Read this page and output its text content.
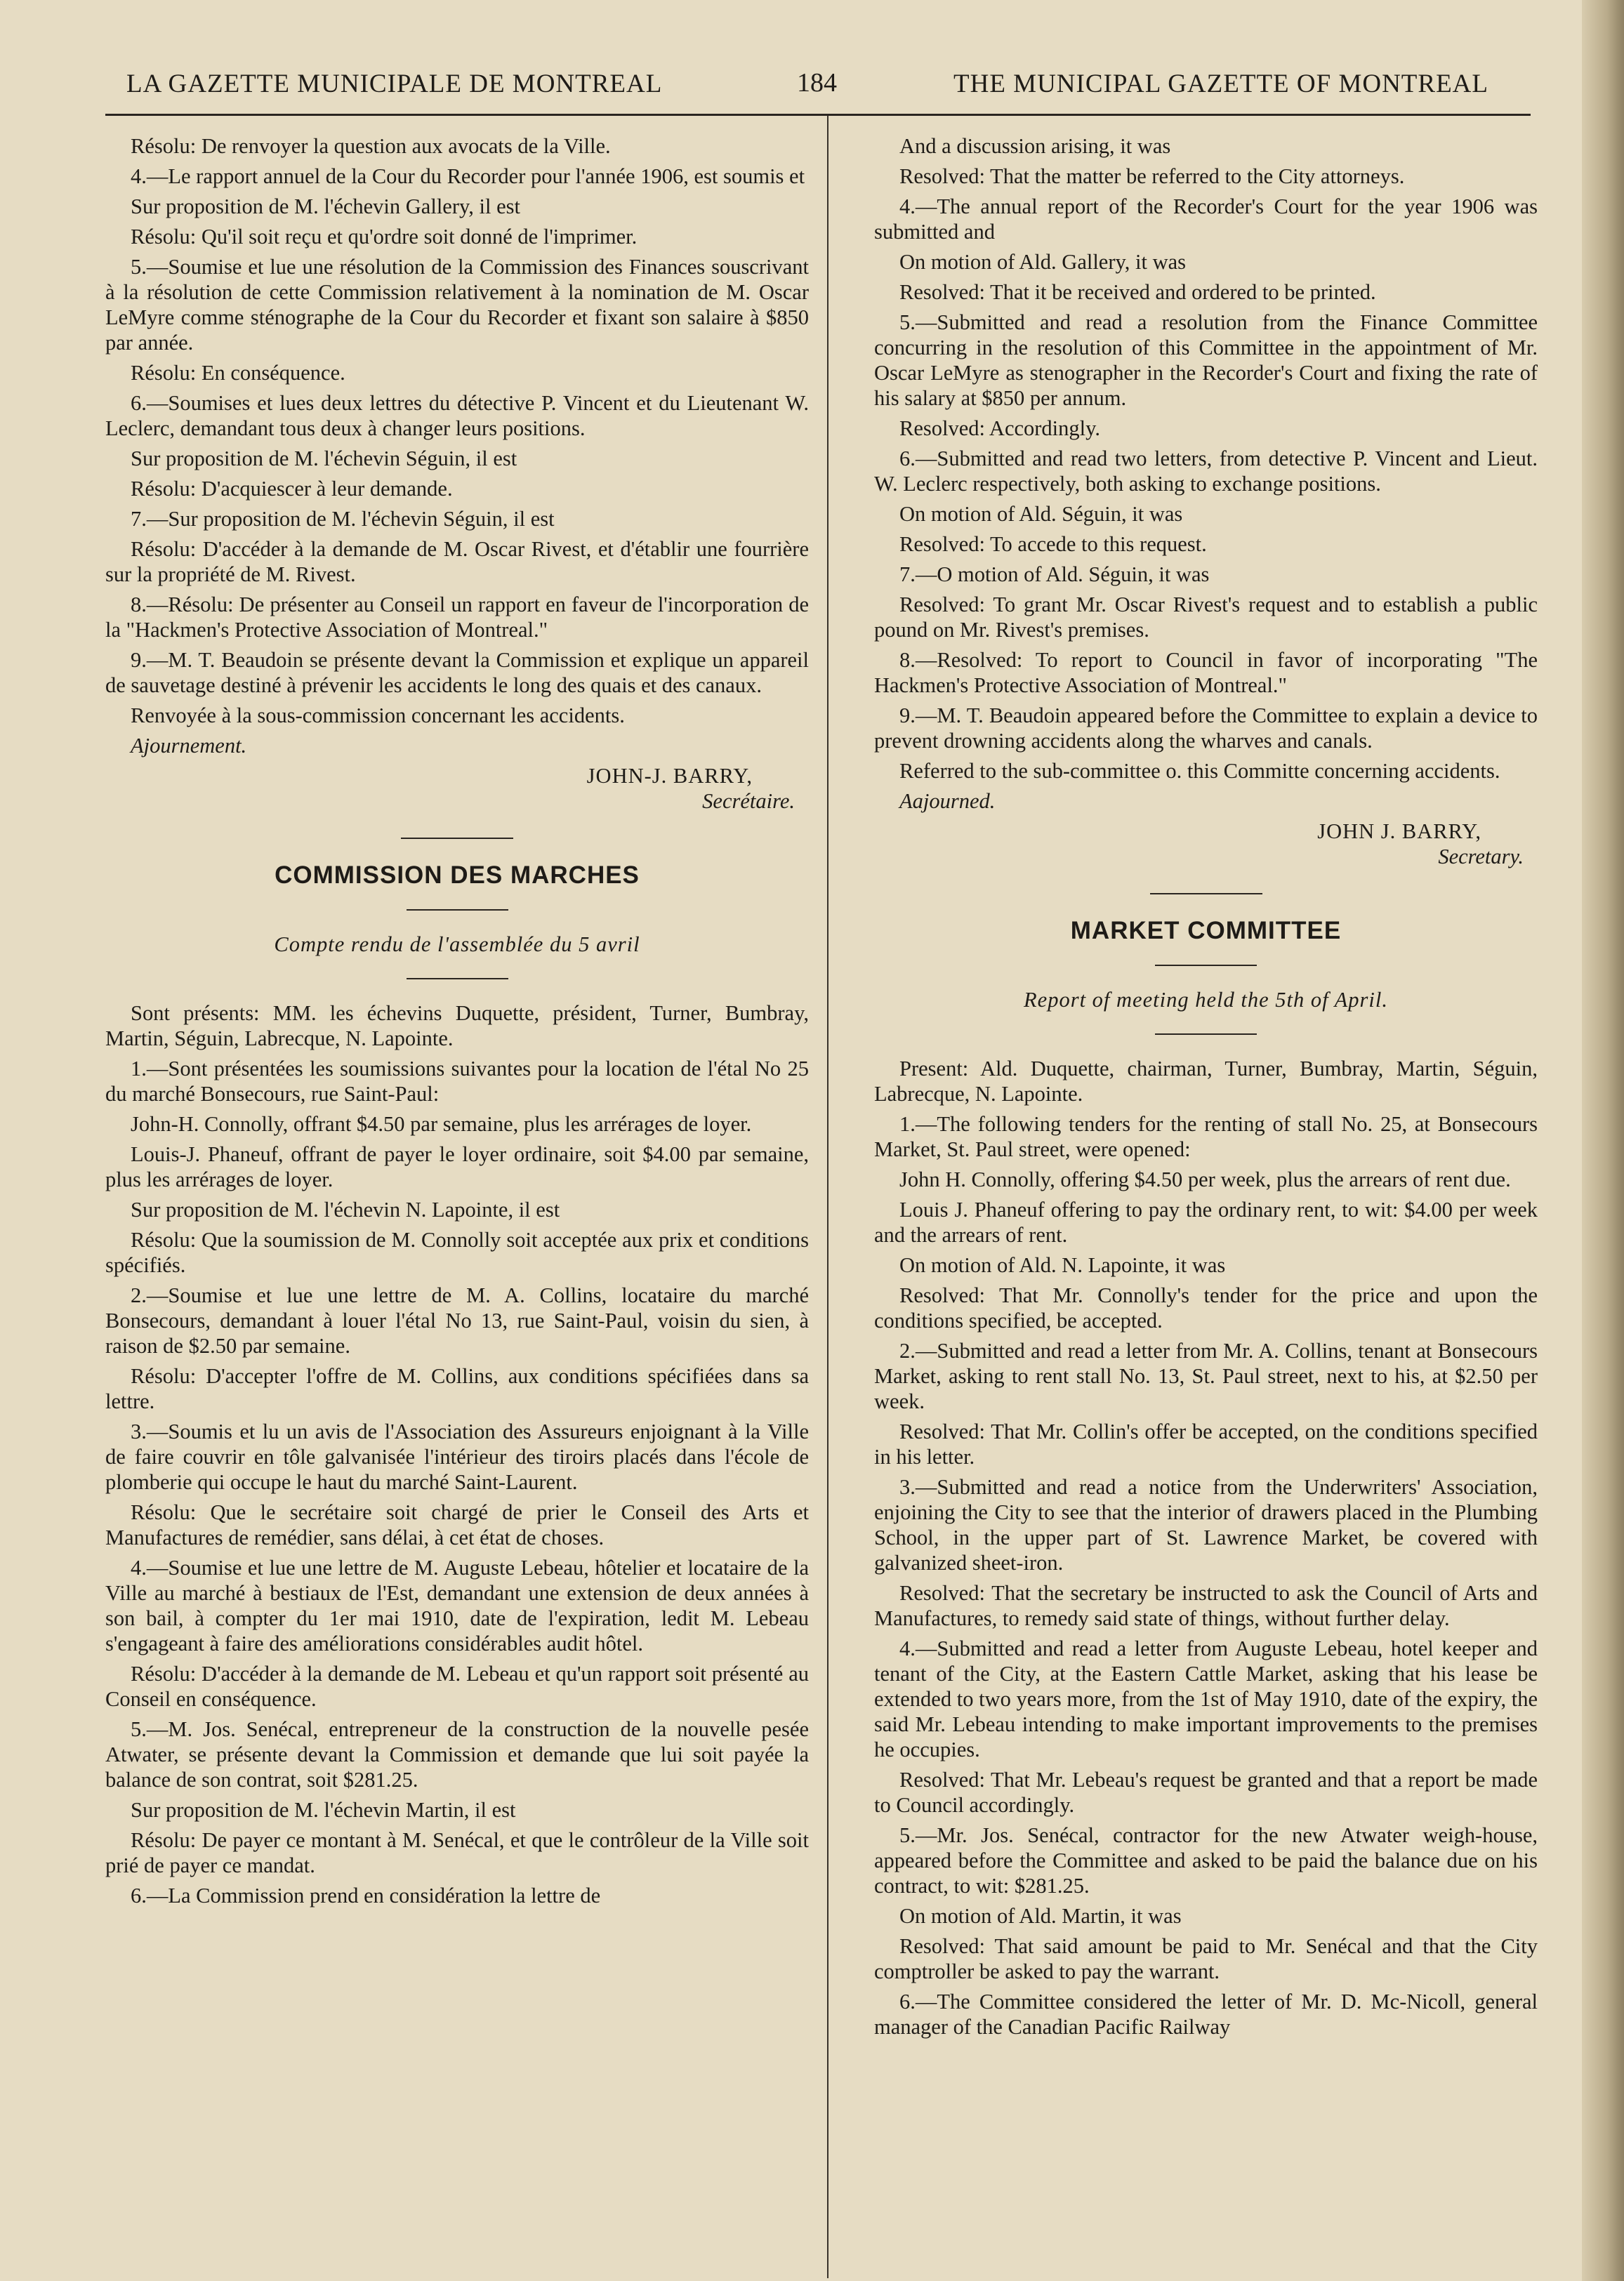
LA GAZETTE MUNICIPALE DE MONTREAL	184	THE MUNICIPAL GAZETTE OF MONTREAL

Résolu: De renvoyer la question aux avocats de la Ville.

4.—Le rapport annuel de la Cour du Recorder pour l'année 1906, est soumis et

Sur proposition de M. l'échevin Gallery, il est

Résolu: Qu'il soit reçu et qu'ordre soit donné de l'imprimer.

5.—Soumise et lue une résolution de la Commission des Finances souscrivant à la résolution de cette Commission relativement à la nomination de M. Oscar LeMyre comme sténographe de la Cour du Recorder et fixant son salaire à $850 par année.

Résolu: En conséquence.

6.—Soumises et lues deux lettres du détective P. Vincent et du Lieutenant W. Leclerc, demandant tous deux à changer leurs positions.

Sur proposition de M. l'échevin Séguin, il est

Résolu: D'acquiescer à leur demande.

7.—Sur proposition de M. l'échevin Séguin, il est

Résolu: D'accéder à la demande de M. Oscar Rivest, et d'établir une fourrière sur la propriété de M. Rivest.

8.—Résolu: De présenter au Conseil un rapport en faveur de l'incorporation de la "Hackmen's Protective Association of Montreal."

9.—M. T. Beaudoin se présente devant la Commission et explique un appareil de sauvetage destiné à prévenir les accidents le long des quais et des canaux.

Renvoyée à la sous-commission concernant les accidents.

Ajournement.

JOHN-J. BARRY,

Secrétaire.

COMMISSION DES MARCHES

Compte rendu de l'assemblée du 5 avril

Sont présents: MM. les échevins Duquette, président, Turner, Bumbray, Martin, Séguin, Labrecque, N. Lapointe.

1.—Sont présentées les soumissions suivantes pour la location de l'étal No 25 du marché Bonsecours, rue Saint-Paul:

John-H. Connolly, offrant $4.50 par semaine, plus les arrérages de loyer.

Louis-J. Phaneuf, offrant de payer le loyer ordinaire, soit $4.00 par semaine, plus les arrérages de loyer.

Sur proposition de M. l'échevin N. Lapointe, il est

Résolu: Que la soumission de M. Connolly soit acceptée aux prix et conditions spécifiés.

2.—Soumise et lue une lettre de M. A. Collins, locataire du marché Bonsecours, demandant à louer l'étal No 13, rue Saint-Paul, voisin du sien, à raison de $2.50 par semaine.

Résolu: D'accepter l'offre de M. Collins, aux conditions spécifiées dans sa lettre.

3.—Soumis et lu un avis de l'Association des Assureurs enjoignant à la Ville de faire couvrir en tôle galvanisée l'intérieur des tiroirs placés dans l'école de plomberie qui occupe le haut du marché Saint-Laurent.

Résolu: Que le secrétaire soit chargé de prier le Conseil des Arts et Manufactures de remédier, sans délai, à cet état de choses.

4.—Soumise et lue une lettre de M. Auguste Lebeau, hôtelier et locataire de la Ville au marché à bestiaux de l'Est, demandant une extension de deux années à son bail, à compter du 1er mai 1910, date de l'expiration, ledit M. Lebeau s'engageant à faire des améliorations considérables audit hôtel.

Résolu: D'accéder à la demande de M. Lebeau et qu'un rapport soit présenté au Conseil en conséquence.

5.—M. Jos. Senécal, entrepreneur de la construction de la nouvelle pesée Atwater, se présente devant la Commission et demande que lui soit payée la balance de son contrat, soit $281.25.

Sur proposition de M. l'échevin Martin, il est

Résolu: De payer ce montant à M. Senécal, et que le contrôleur de la Ville soit prié de payer ce mandat.

6.—La Commission prend en considération la lettre de

And a discussion arising, it was

Resolved: That the matter be referred to the City attorneys.

4.—The annual report of the Recorder's Court for the year 1906 was submitted and

On motion of Ald. Gallery, it was

Resolved: That it be received and ordered to be printed.

5.—Submitted and read a resolution from the Finance Committee concurring in the resolution of this Committee in the appointment of Mr. Oscar LeMyre as stenographer in the Recorder's Court and fixing the rate of his salary at $850 per annum.

Resolved: Accordingly.

6.—Submitted and read two letters, from detective P. Vincent and Lieut. W. Leclerc respectively, both asking to exchange positions.

On motion of Ald. Séguin, it was

Resolved: To accede to this request.

7.—O motion of Ald. Séguin, it was

Resolved: To grant Mr. Oscar Rivest's request and to establish a public pound on Mr. Rivest's premises.

8.—Resolved: To report to Council in favor of incorporating "The Hackmen's Protective Association of Montreal."

9.—M. T. Beaudoin appeared before the Committee to explain a device to prevent drowning accidents along the wharves and canals.

Referred to the sub-committee o. this Committe concerning accidents.

Aajourned.

JOHN J. BARRY,

Secretary.

MARKET COMMITTEE

Report of meeting held the 5th of April.

Present: Ald. Duquette, chairman, Turner, Bumbray, Martin, Séguin, Labrecque, N. Lapointe.

1.—The following tenders for the renting of stall No. 25, at Bonsecours Market, St. Paul street, were opened:

John H. Connolly, offering $4.50 per week, plus the arrears of rent due.

Louis J. Phaneuf offering to pay the ordinary rent, to wit: $4.00 per week and the arrears of rent.

On motion of Ald. N. Lapointe, it was

Resolved: That Mr. Connolly's tender for the price and upon the conditions specified, be accepted.

2.—Submitted and read a letter from Mr. A. Collins, tenant at Bonsecours Market, asking to rent stall No. 13, St. Paul street, next to his, at $2.50 per week.

Resolved: That Mr. Collin's offer be accepted, on the conditions specified in his letter.

3.—Submitted and read a notice from the Underwriters' Association, enjoining the City to see that the interior of drawers placed in the Plumbing School, in the upper part of St. Lawrence Market, be covered with galvanized sheet-iron.

Resolved: That the secretary be instructed to ask the Council of Arts and Manufactures, to remedy said state of things, without further delay.

4.—Submitted and read a letter from Auguste Lebeau, hotel keeper and tenant of the City, at the Eastern Cattle Market, asking that his lease be extended to two years more, from the 1st of May 1910, date of the expiry, the said Mr. Lebeau intending to make important improvements to the premises he occupies.

Resolved: That Mr. Lebeau's request be granted and that a report be made to Council accordingly.

5.—Mr. Jos. Senécal, contractor for the new Atwater weigh-house, appeared before the Committee and asked to be paid the balance due on his contract, to wit: $281.25.

On motion of Ald. Martin, it was

Resolved: That said amount be paid to Mr. Senécal and that the City comptroller be asked to pay the warrant.

6.—The Committee considered the letter of Mr. D. Mc-Nicoll, general manager of the Canadian Pacific Railway
